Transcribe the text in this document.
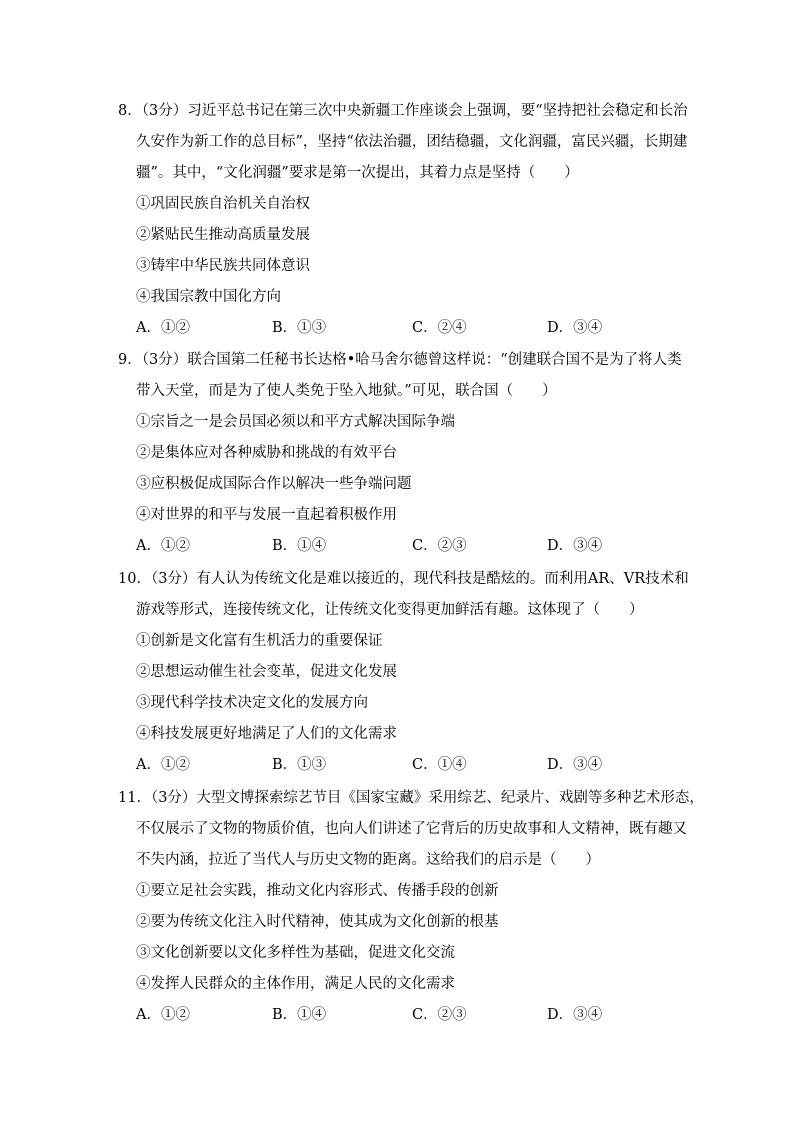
8．（3分）习近平总书记在第三次中央新疆工作座谈会上强调，要“坚持把社会稳定和长治
久安作为新工作的总目标”，坚持“依法治疆，团结稳疆，文化润疆，富民兴疆，长期建
疆”。其中，“文化润疆”要求是第一次提出，其着力点是坚持（　　）
①巩固民族自治机关自治权
②紧贴民生推动高质量发展
③铸牢中华民族共同体意识
④我国宗教中国化方向
A．①②	B．①③	C．②④	D．③④
9．（3分）联合国第二任秘书长达格•哈马舍尔德曾这样说：“创建联合国不是为了将人类
带入天堂，而是为了使人类免于坠入地狱。”可见，联合国（　　）
①宗旨之一是会员国必须以和平方式解决国际争端
②是集体应对各种威胁和挑战的有效平台
③应积极促成国际合作以解决一些争端问题
④对世界的和平与发展一直起着积极作用
A．①②	B．①④	C．②③	D．③④
10．（3分）有人认为传统文化是难以接近的，现代科技是酷炫的。而利用AR、VR技术和
游戏等形式，连接传统文化，让传统文化变得更加鲜活有趣。这体现了（　　）
①创新是文化富有生机活力的重要保证
②思想运动催生社会变革，促进文化发展
③现代科学技术决定文化的发展方向
④科技发展更好地满足了人们的文化需求
A．①②	B．①③	C．①④	D．③④
11．（3分）大型文博探索综艺节目《国家宝藏》采用综艺、纪录片、戏剧等多种艺术形态，
不仅展示了文物的物质价值，也向人们讲述了它背后的历史故事和人文精神，既有趣又
不失内涵，拉近了当代人与历史文物的距离。这给我们的启示是（　　）
①要立足社会实践，推动文化内容形式、传播手段的创新
②要为传统文化注入时代精神，使其成为文化创新的根基
③文化创新要以文化多样性为基础，促进文化交流
④发挥人民群众的主体作用，满足人民的文化需求
A．①②	B．①④	C．②③	D．③④
